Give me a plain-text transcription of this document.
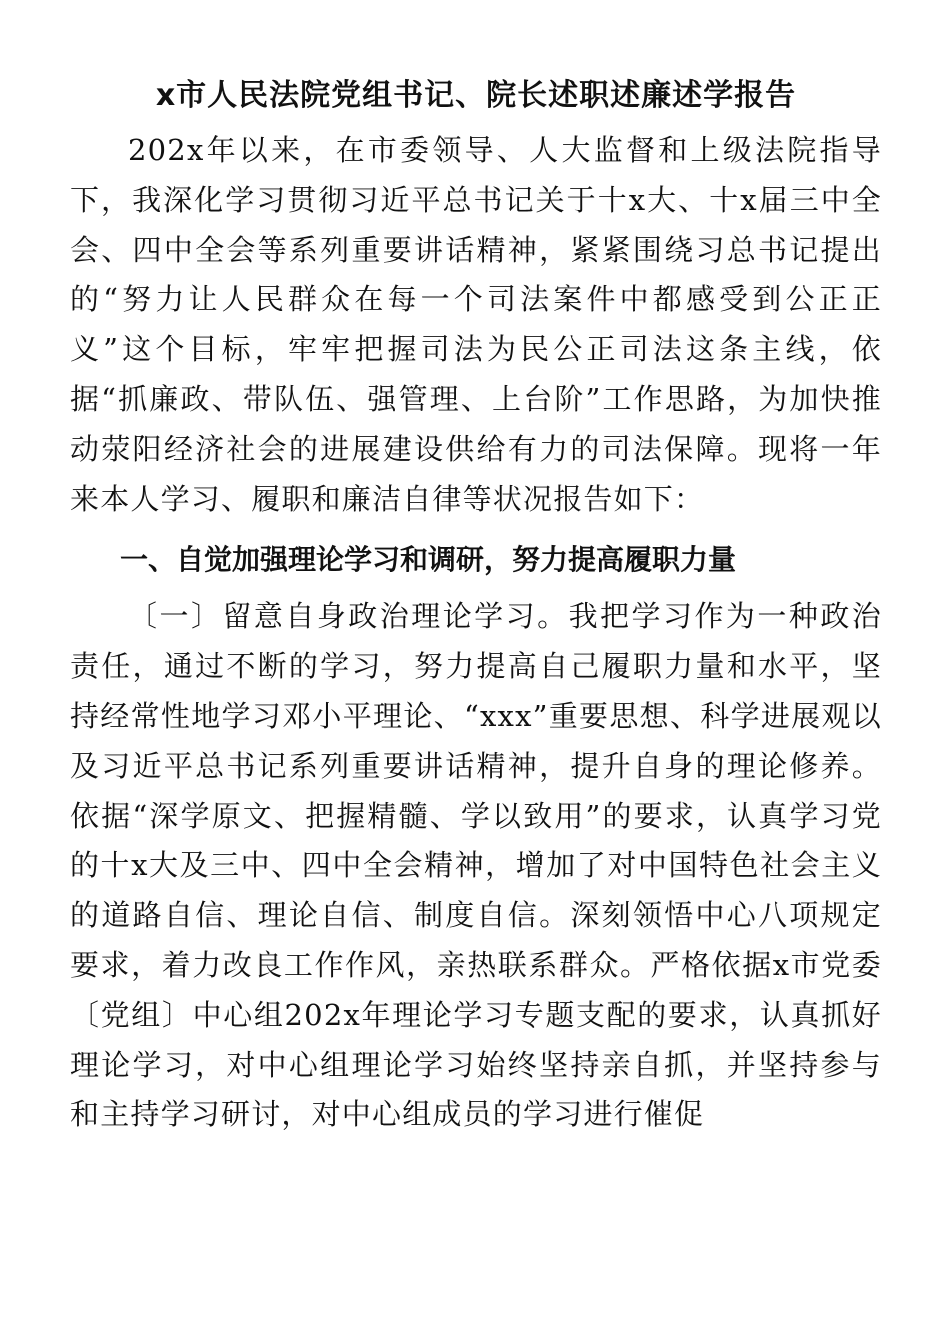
x市人民法院党组书记、院长述职述廉述学报告

202x年以来，在市委领导、人大监督和上级法院指导下，我深化学习贯彻习近平总书记关于十x大、十x届三中全会、四中全会等系列重要讲话精神，紧紧围绕习总书记提出的“努力让人民群众在每一个司法案件中都感受到公正正义”这个目标，牢牢把握司法为民公正司法这条主线，依据“抓廉政、带队伍、强管理、上台阶”工作思路，为加快推动荥阳经济社会的进展建设供给有力的司法保障。现将一年来本人学习、履职和廉洁自律等状况报告如下：

一、自觉加强理论学习和调研，努力提高履职力量

〔一〕留意自身政治理论学习。我把学习作为一种政治责任，通过不断的学习，努力提高自己履职力量和水平，坚持经常性地学习邓小平理论、“xxx”重要思想、科学进展观以及习近平总书记系列重要讲话精神，提升自身的理论修养。依据“深学原文、把握精髓、学以致用”的要求，认真学习党的十x大及三中、四中全会精神，增加了对中国特色社会主义的道路自信、理论自信、制度自信。深刻领悟中心八项规定要求，着力改良工作作风，亲热联系群众。严格依据x市党委〔党组〕中心组202x年理论学习专题支配的要求，认真抓好理论学习，对中心组理论学习始终坚持亲自抓，并坚持参与和主持学习研讨，对中心组成员的学习进行催促
